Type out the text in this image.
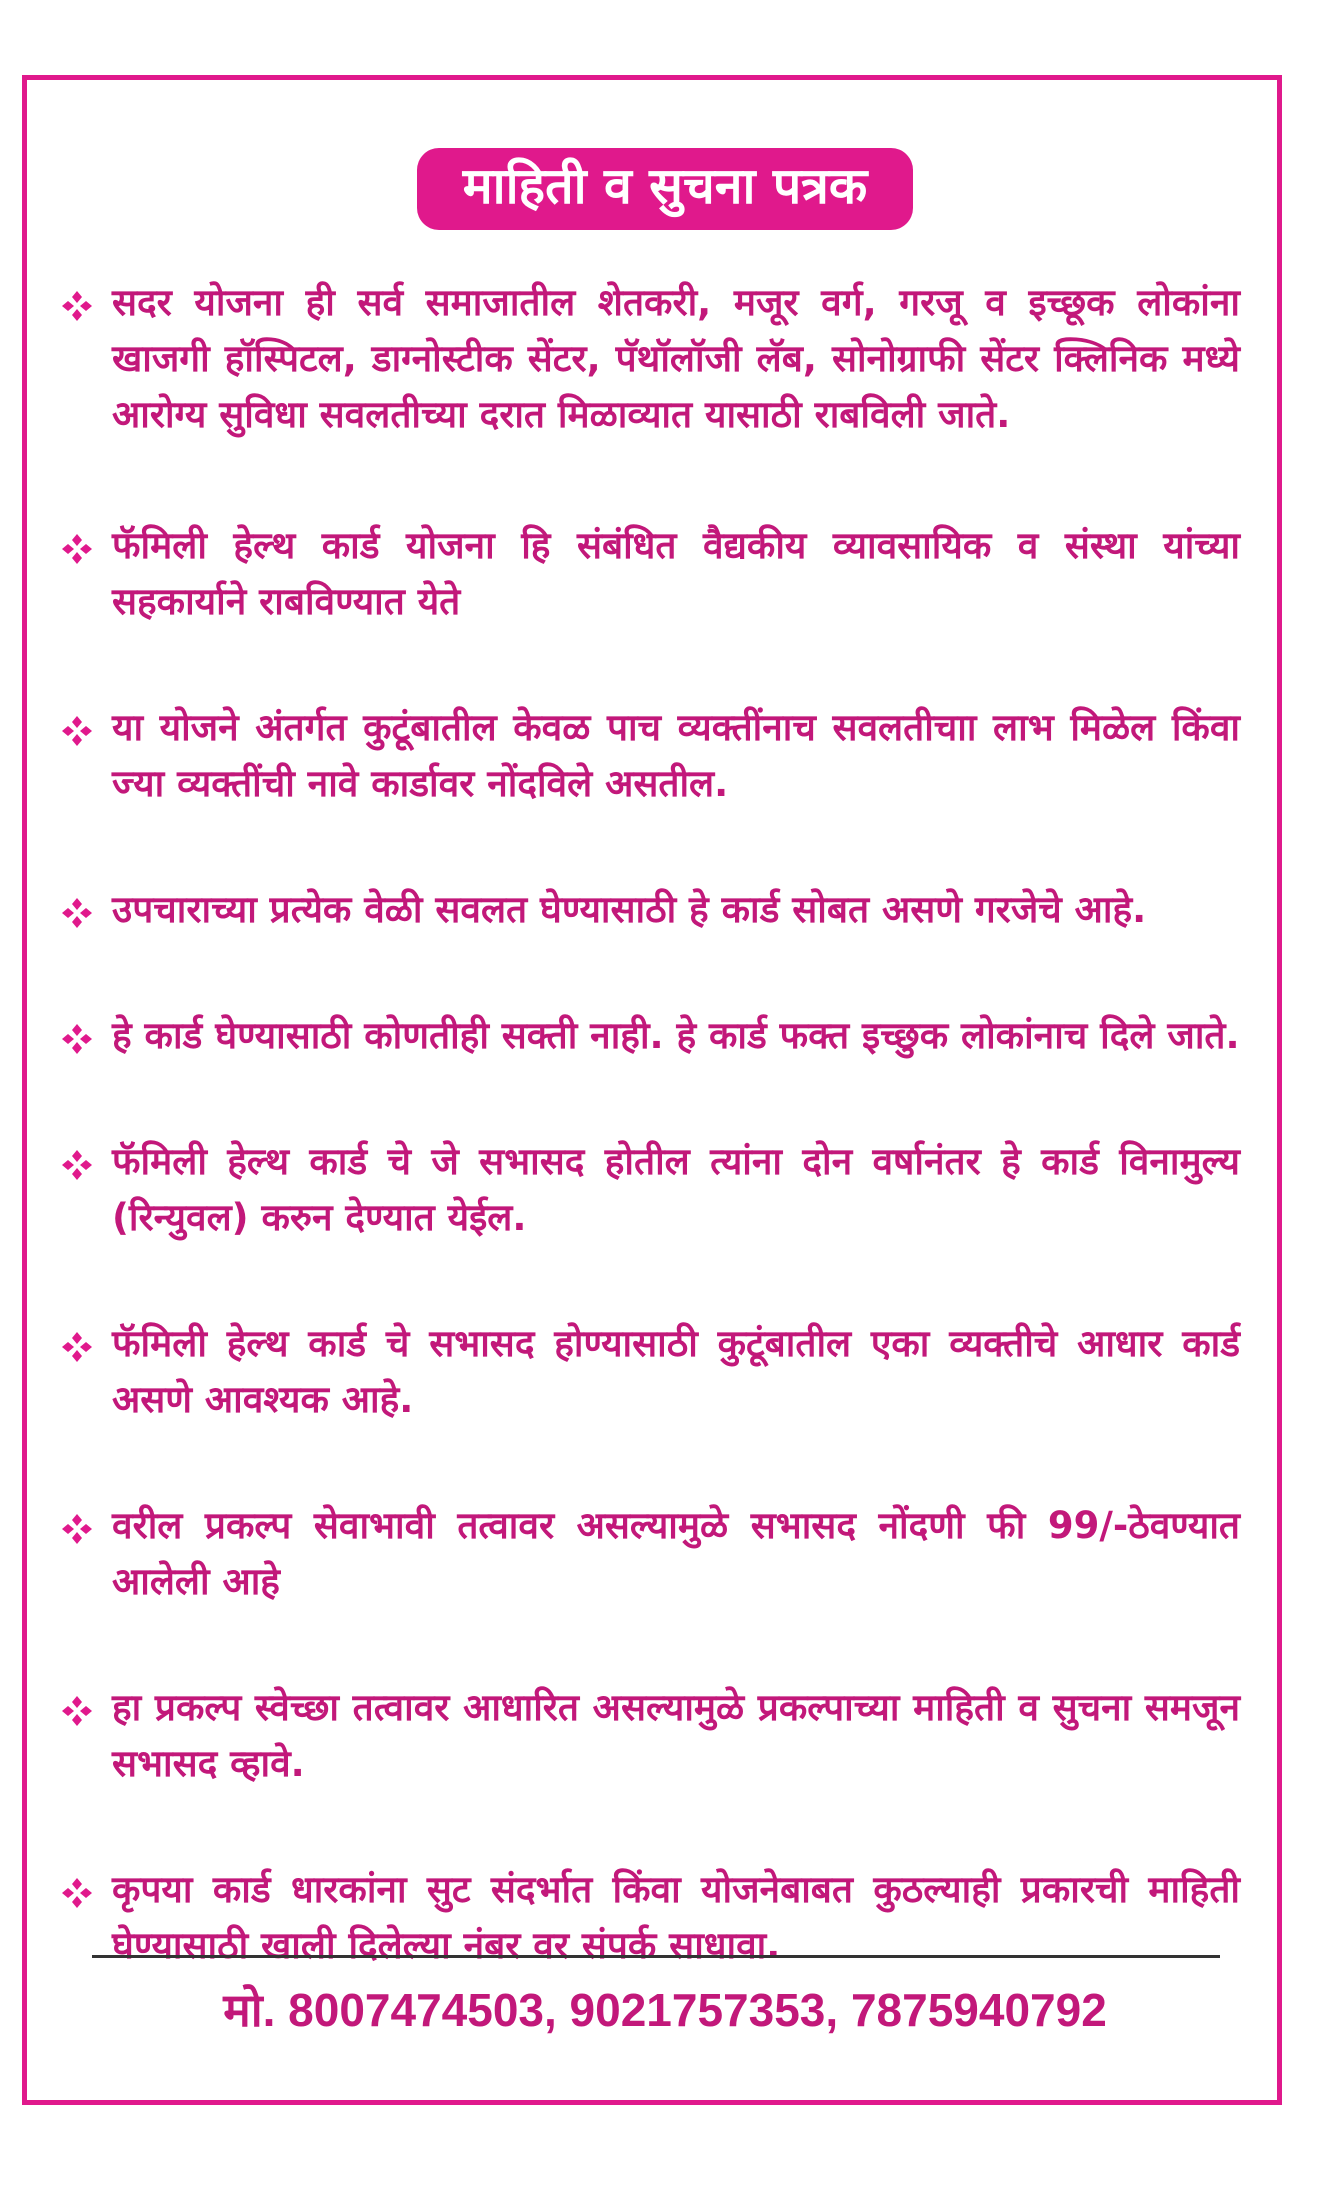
माहिती व सुचना पत्रक
सदर योजना ही सर्व समाजातील शेतकरी, मजूर वर्ग, गरजू व इच्छूक लोकांना खाजगी हॉस्पिटल, डाग्नोस्टीक सेंटर, पॅथॉलॉजी लॅब, सोनोग्राफी सेंटर क्लिनिक मध्ये आरोग्य सुविधा सवलतीच्या दरात मिळाव्यात यासाठी राबविली जाते.
फॅमिली हेल्थ कार्ड योजना हि संबंधित वैद्यकीय व्यावसायिक व संस्था यांच्या सहकार्याने राबविण्यात येते
या योजने अंतर्गत कुटूंबातील केवळ पाच व्यक्तींनाच सवलतीचाा लाभ मिळेल किंवा ज्या व्यक्तींची नावे कार्डावर नोंदविले असतील.
उपचाराच्या प्रत्येक वेळी सवलत घेण्यासाठी हे कार्ड सोबत असणे गरजेचे आहे.
हे कार्ड घेण्यासाठी कोणतीही सक्ती नाही. हे कार्ड फक्त इच्छुक लोकांनाच दिले जाते.
फॅमिली हेल्थ कार्ड चे जे सभासद होतील त्यांना दोन वर्षानंतर हे कार्ड विनामुल्य (रिन्युवल) करुन देण्यात येईल.
फॅमिली हेल्थ कार्ड चे सभासद होण्यासाठी कुटूंबातील एका व्यक्तीचे आधार कार्ड असणे आवश्यक आहे.
वरील प्रकल्प सेवाभावी तत्वावर असल्यामुळे सभासद नोंदणी फी 99/-ठेवण्यात आलेली आहे
हा प्रकल्प स्वेच्छा तत्वावर आधारित असल्यामुळे प्रकल्पाच्या माहिती व सुचना समजून सभासद व्हावे.
कृपया कार्ड धारकांना सुट संदर्भात किंवा योजनेबाबत कुठल्याही प्रकारची माहिती घेण्यासाठी खाली दिलेल्या नंबर वर संपर्क साधावा.
मो. 8007474503, 9021757353, 7875940792
